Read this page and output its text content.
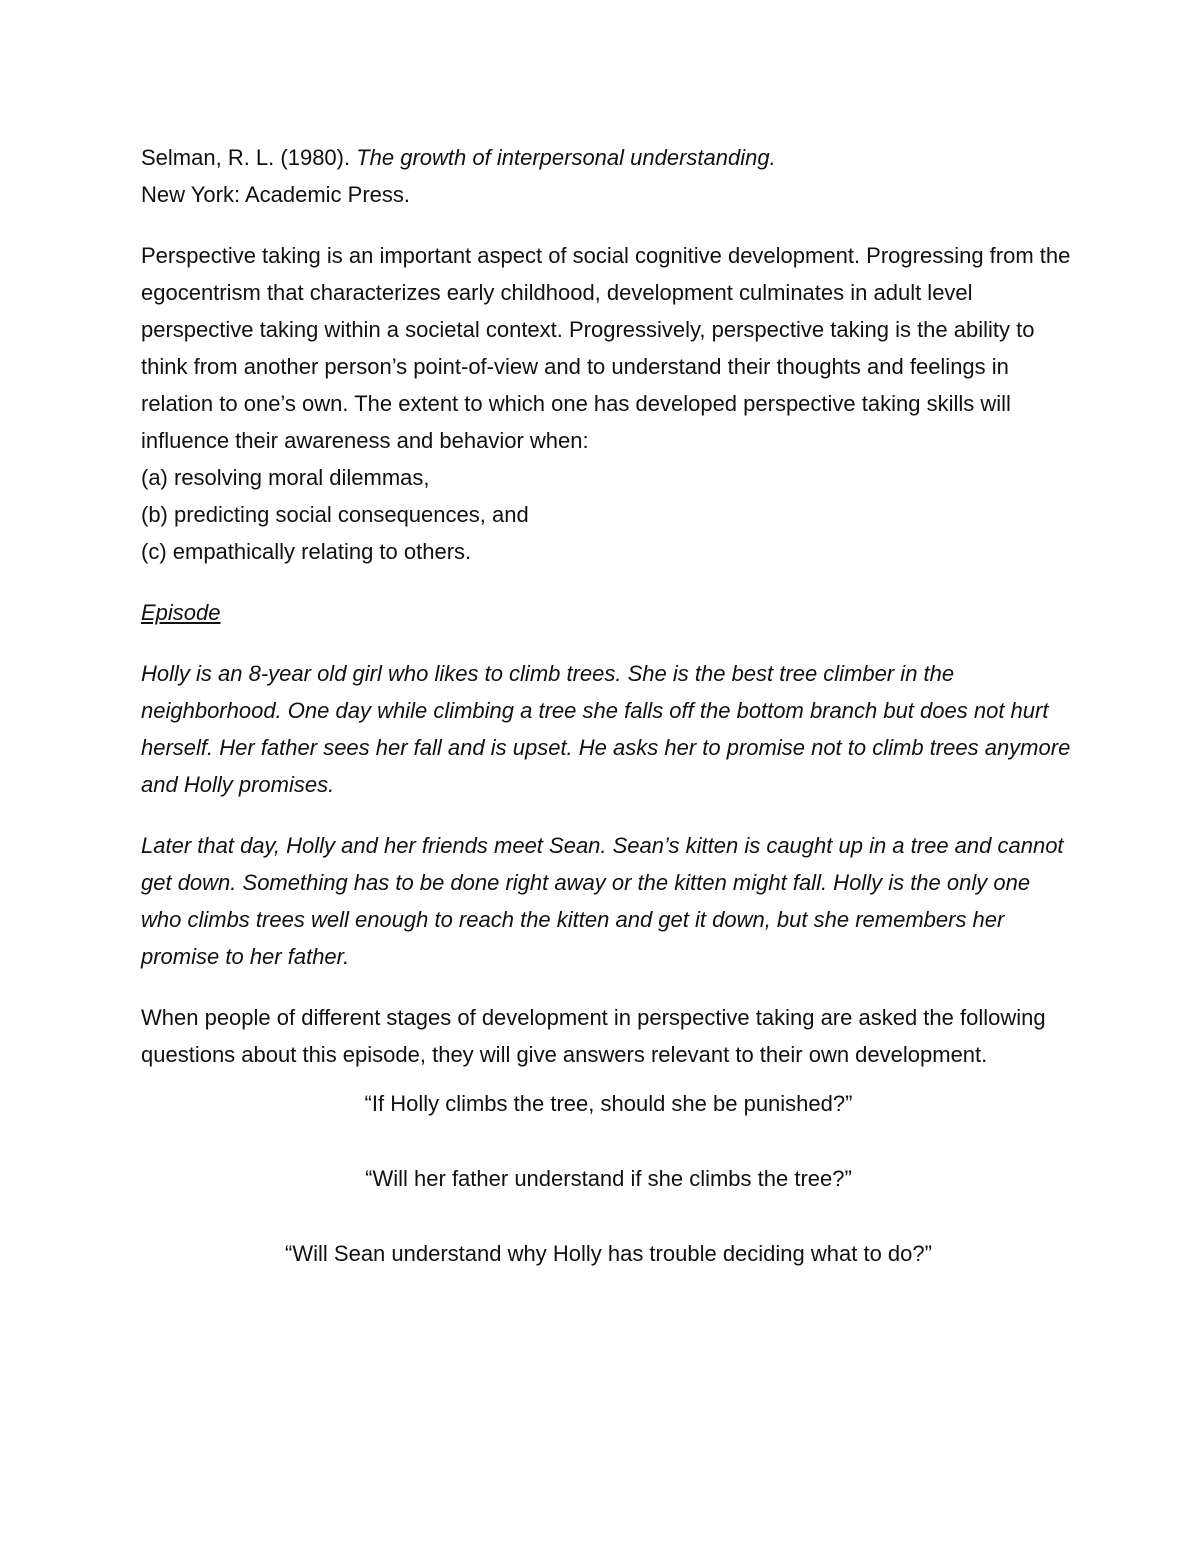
Selman, R. L. (1980). The growth of interpersonal understanding.

New York: Academic Press.

Perspective taking is an important aspect of social cognitive development. Progressing from the egocentrism that characterizes early childhood, development culminates in adult level perspective taking within a societal context. Progressively, perspective taking is the ability to think from another person’s point-of-view and to understand their thoughts and feelings in relation to one’s own. The extent to which one has developed perspective taking skills will influence their awareness and behavior when:

(a) resolving moral dilemmas,

(b) predicting social consequences, and

(c) empathically relating to others.

Episode

Holly is an 8-year old girl who likes to climb trees. She is the best tree climber in the neighborhood. One day while climbing a tree she falls off the bottom branch but does not hurt herself. Her father sees her fall and is upset. He asks her to promise not to climb trees anymore and Holly promises.

Later that day, Holly and her friends meet Sean. Sean’s kitten is caught up in a tree and cannot get down. Something has to be done right away or the kitten might fall. Holly is the only one who climbs trees well enough to reach the kitten and get it down, but she remembers her promise to her father.

When people of different stages of development in perspective taking are asked the following questions about this episode, they will give answers relevant to their own development.

“If Holly climbs the tree, should she be punished?”

“Will her father understand if she climbs the tree?”

“Will Sean understand why Holly has trouble deciding what to do?”
